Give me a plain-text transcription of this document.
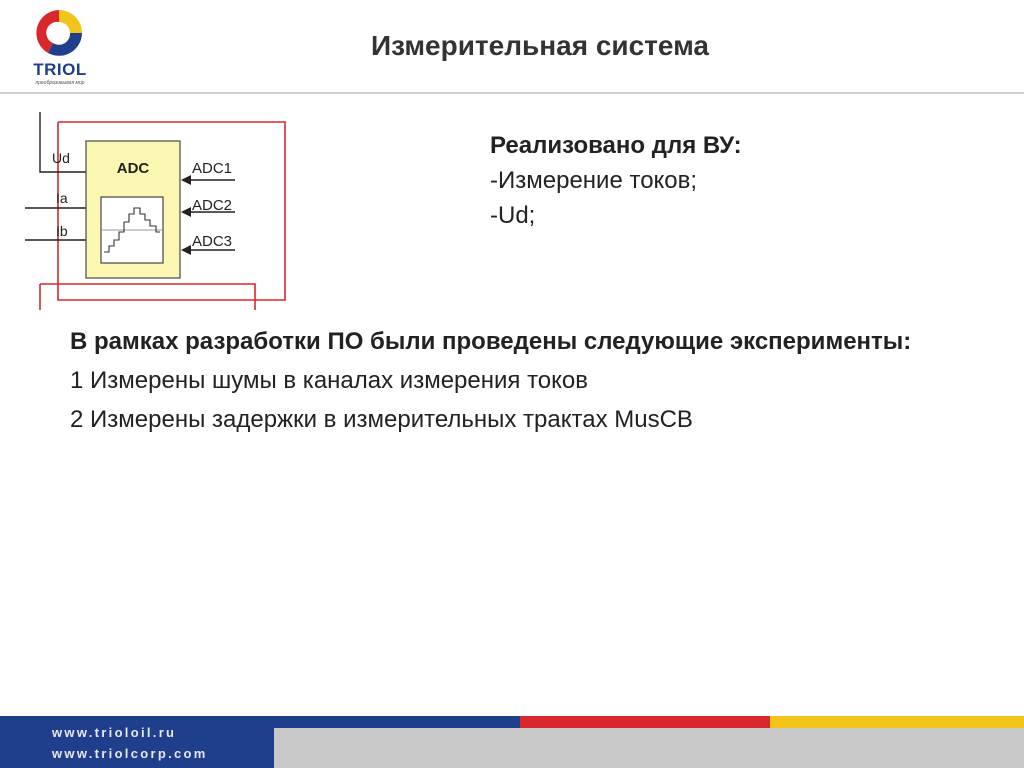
TRIOL
преобразовывая мир
Измерительная система
ADC
Ud
Ia
Ib
ADC1
ADC2
ADC3
Реализовано для ВУ:
-Измерение токов;
-Ud;
В рамках разработки ПО были проведены следующие эксперименты:
1 Измерены шумы в каналах измерения токов
2 Измерены задержки в измерительных трактах MusCB
www.trioloil.ru
www.triolcorp.com
